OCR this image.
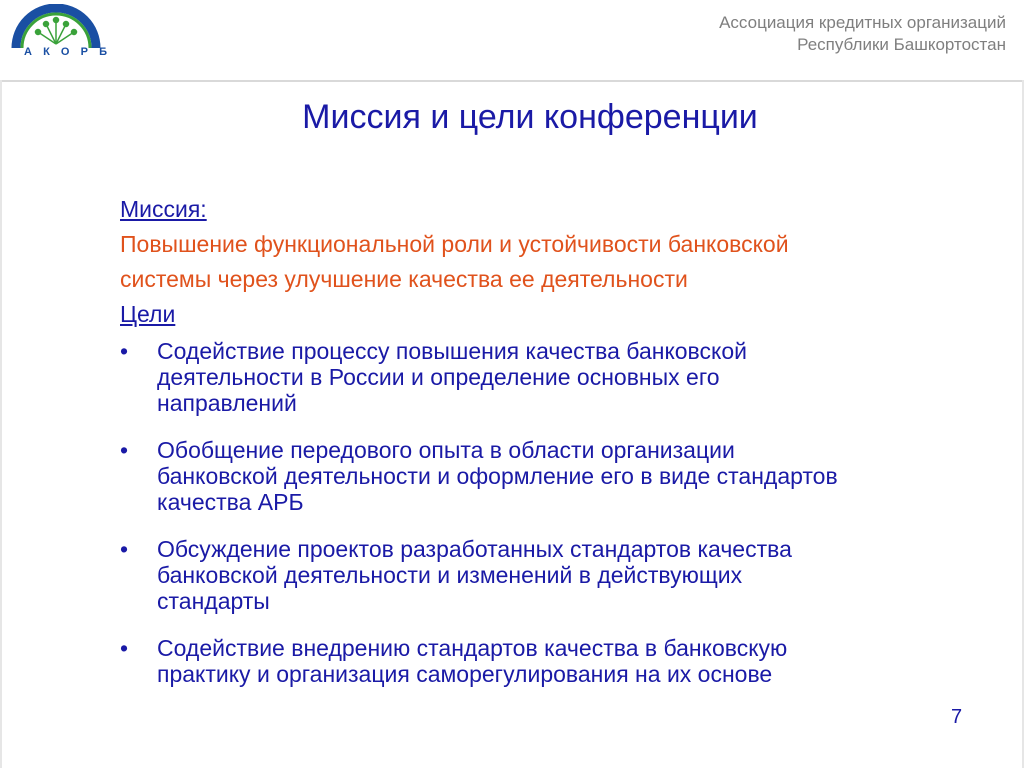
А К О Р Б
Ассоциация кредитных организаций
Республики Башкортостан
Миссия и цели конференции
Миссия:
Повышение функциональной роли и устойчивости банковской
системы через улучшение качества ее деятельности
Цели
• Содействие процессу повышения качества банковской
деятельности в России и определение основных его
направлений
• Обобщение передового опыта в области организации
банковской деятельности и оформление его в виде стандартов
качества АРБ
• Обсуждение проектов разработанных стандартов качества
банковской деятельности и изменений в действующих
стандарты
• Содействие внедрению стандартов качества в банковскую
практику и организация саморегулирования на их основе
7
